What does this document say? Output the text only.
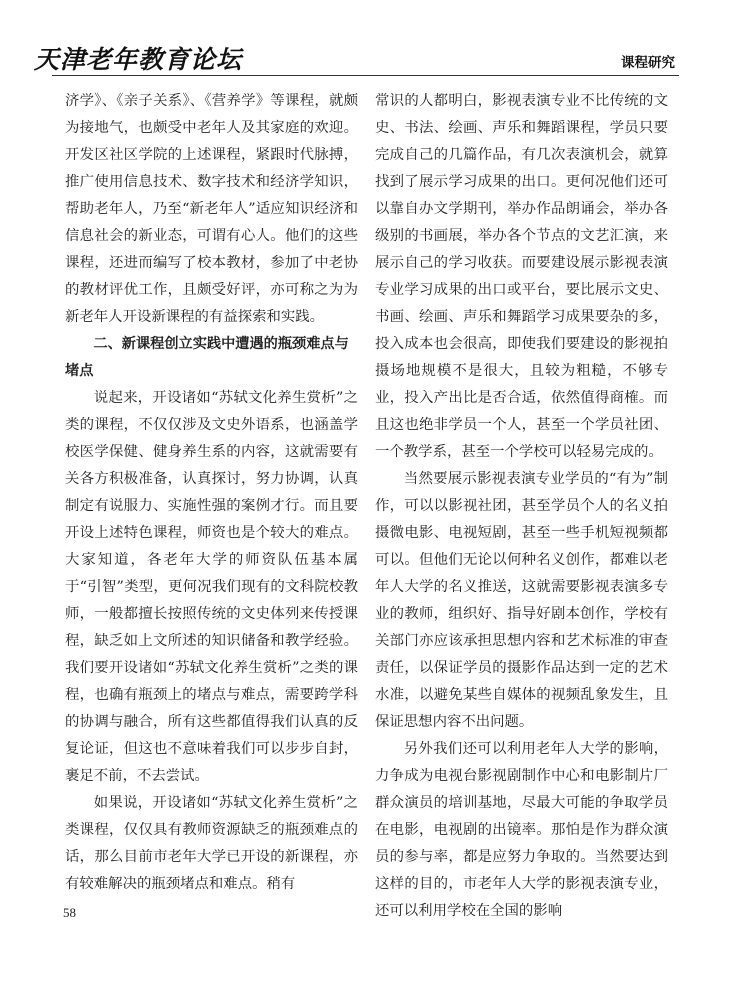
天津老年教育论坛	课程研究

济学》、《亲子关系》、《营养学》等课程，就颇为接地气，也颇受中老年人及其家庭的欢迎。开发区社区学院的上述课程，紧跟时代脉搏，推广使用信息技术、数字技术和经济学知识，帮助老年人，乃至“新老年人”适应知识经济和信息社会的新业态，可谓有心人。他们的这些课程，还进而编写了校本教材，参加了中老协的教材评优工作，且颇受好评，亦可称之为为新老年人开设新课程的有益探索和实践。

二、新课程创立实践中遭遇的瓶颈难点与堵点

说起来，开设诸如“苏轼文化养生赏析”之类的课程，不仅仅涉及文史外语系，也涵盖学校医学保健、健身养生系的内容，这就需要有关各方积极准备，认真探讨，努力协调，认真制定有说服力、实施性强的案例才行。而且要开设上述特色课程，师资也是个较大的难点。大家知道，各老年大学的师资队伍基本属于“引智”类型，更何况我们现有的文科院校教师，一般都擅长按照传统的文史体列来传授课程，缺乏如上文所述的知识储备和教学经验。我们要开设诸如“苏轼文化养生赏析”之类的课程，也确有瓶颈上的堵点与难点，需要跨学科的协调与融合，所有这些都值得我们认真的反复论证，但这也不意味着我们可以步步自封，裹足不前，不去尝试。

如果说，开设诸如“苏轼文化养生赏析”之类课程，仅仅具有教师资源缺乏的瓶颈难点的话，那么目前市老年大学已开设的新课程，亦有较难解决的瓶颈堵点和难点。稍有

常识的人都明白，影视表演专业不比传统的文史、书法、绘画、声乐和舞蹈课程，学员只要完成自己的几篇作品，有几次表演机会，就算找到了展示学习成果的出口。更何况他们还可以靠自办文学期刊，举办作品朗诵会，举办各级别的书画展，举办各个节点的文艺汇演，来展示自己的学习收获。而要建设展示影视表演专业学习成果的出口或平台，要比展示文史、书画、绘画、声乐和舞蹈学习成果要杂的多，投入成本也会很高，即使我们要建设的影视拍摄场地规模不是很大，且较为粗糙，不够专业，投入产出比是否合适，依然值得商榷。而且这也绝非学员一个人，甚至一个学员社团、一个教学系，甚至一个学校可以轻易完成的。

当然要展示影视表演专业学员的“有为”制作，可以以影视社团，甚至学员个人的名义拍摄微电影、电视短剧，甚至一些手机短视频都可以。但他们无论以何种名义创作，都难以老年人大学的名义推送，这就需要影视表演多专业的教师，组织好、指导好剧本创作，学校有关部门亦应该承担思想内容和艺术标准的审查责任，以保证学员的摄影作品达到一定的艺术水准，以避免某些自媒体的视频乱象发生，且保证思想内容不出问题。

另外我们还可以利用老年人大学的影响，力争成为电视台影视剧制作中心和电影制片厂群众演员的培训基地，尽最大可能的争取学员在电影，电视剧的出镜率。那怕是作为群众演员的参与率，都是应努力争取的。当然要达到这样的目的，市老年人大学的影视表演专业，还可以利用学校在全国的影响

58
